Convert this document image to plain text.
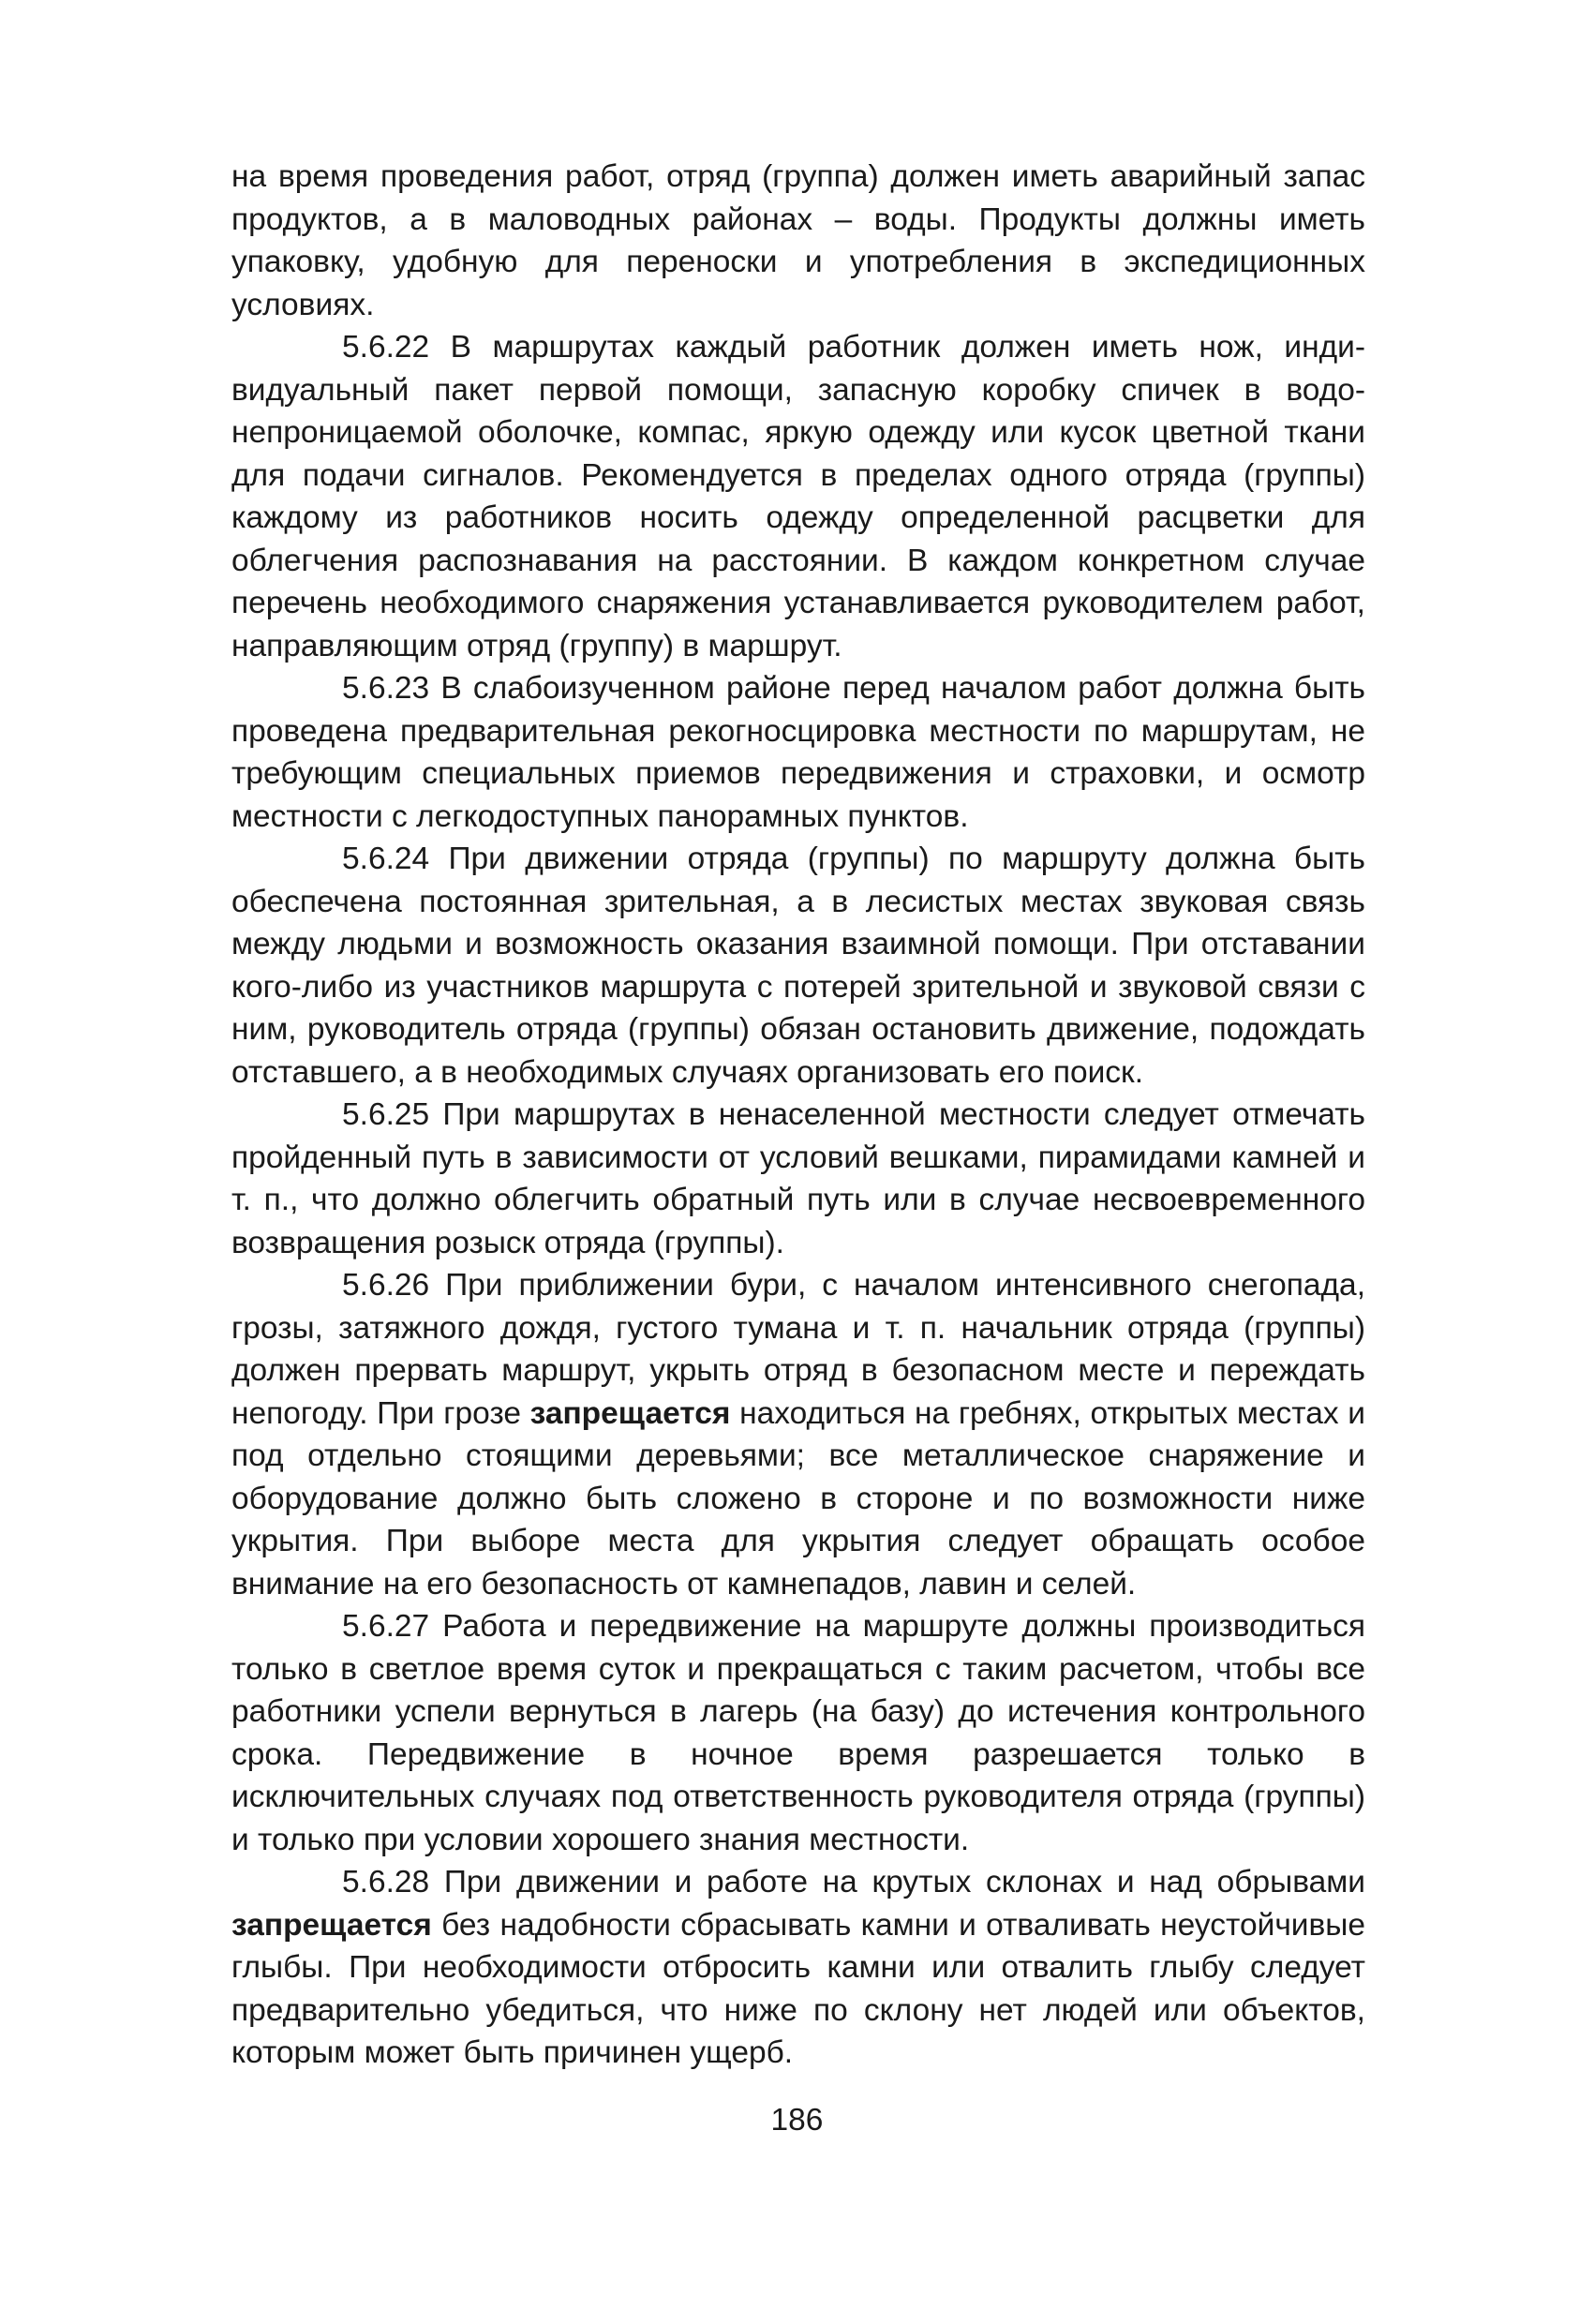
на время проведения работ, отряд (группа) должен иметь аварийный запас продуктов, а в маловодных районах – воды. Продукты должны иметь упаковку, удобную для переноски и употребления в экспедиционных условиях.

5.6.22 В маршрутах каждый работник должен иметь нож, индивидуальный пакет первой помощи, запасную коробку спичек в водонепроницаемой оболочке, компас, яркую одежду или кусок цветной ткани для подачи сигналов. Рекомендуется в пределах одного отряда (группы) каждому из работников носить одежду определенной расцветки для облегчения распознавания на расстоянии. В каждом конкретном случае перечень необходимого снаряжения устанавливается руководителем работ, направляющим отряд (группу) в маршрут.

5.6.23 В слабоизученном районе перед началом работ должна быть проведена предварительная рекогносцировка местности по маршрутам, не требующим специальных приемов передвижения и страховки, и осмотр местности с легкодоступных панорамных пунктов.

5.6.24 При движении отряда (группы) по маршруту должна быть обеспечена постоянная зрительная, а в лесистых местах звуковая связь между людьми и возможность оказания взаимной помощи. При отставании кого-либо из участников маршрута с потерей зрительной и звуковой связи с ним, руководитель отряда (группы) обязан остановить движение, подождать отставшего, а в необходимых случаях организовать его поиск.

5.6.25 При маршрутах в ненаселенной местности следует отмечать пройденный путь в зависимости от условий вешками, пирамидами камней и т. п., что должно облегчить обратный путь или в случае несвоевременного возвращения розыск отряда (группы).

5.6.26 При приближении бури, с началом интенсивного снегопада, грозы, затяжного дождя, густого тумана и т. п. начальник отряда (группы) должен прервать маршрут, укрыть отряд в безопасном месте и переждать непогоду. При грозе запрещается находиться на гребнях, открытых местах и под отдельно стоящими деревьями; все металлическое снаряжение и оборудование должно быть сложено в стороне и по возможности ниже укрытия. При выборе места для укрытия следует обращать особое внимание на его безопасность от камнепадов, лавин и селей.

5.6.27 Работа и передвижение на маршруте должны производиться только в светлое время суток и прекращаться с таким расчетом, чтобы все работники успели вернуться в лагерь (на базу) до истечения контрольного срока. Передвижение в ночное время разрешается только в исключительных случаях под ответственность руководителя отряда (группы) и только при условии хорошего знания местности.

5.6.28 При движении и работе на крутых склонах и над обрывами запрещается без надобности сбрасывать камни и отваливать неустойчивые глыбы. При необходимости отбросить камни или отвалить глыбу следует предварительно убедиться, что ниже по склону нет людей или объектов, которым может быть причинен ущерб.

186
